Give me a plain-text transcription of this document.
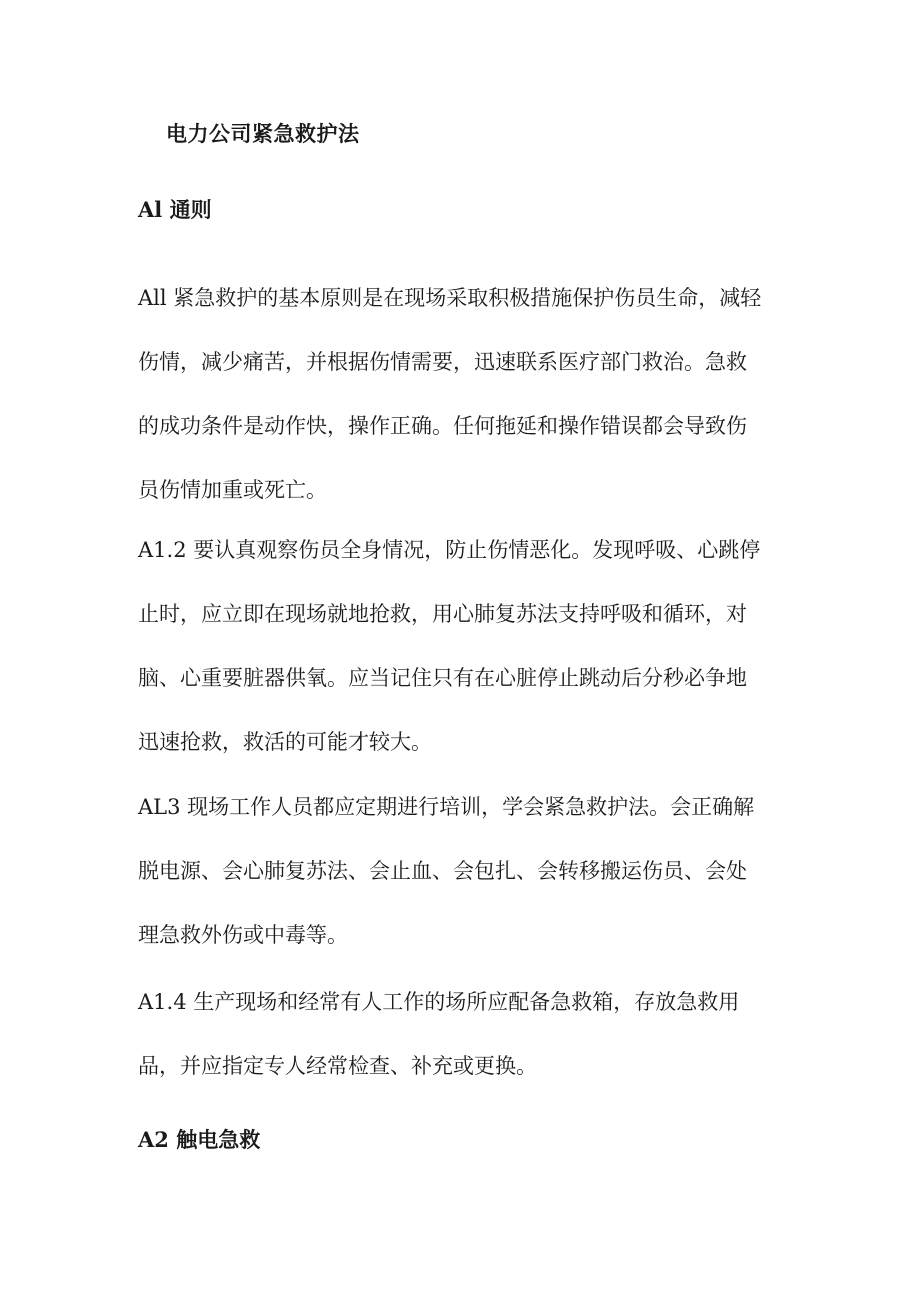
电力公司紧急救护法
Al 通则
All 紧急救护的基本原则是在现场采取积极措施保护伤员生命，减轻
伤情，减少痛苦，并根据伤情需要，迅速联系医疗部门救治。急救
的成功条件是动作快，操作正确。任何拖延和操作错误都会导致伤
员伤情加重或死亡。
A1.2 要认真观察伤员全身情况，防止伤情恶化。发现呼吸、心跳停
止时，应立即在现场就地抢救，用心肺复苏法支持呼吸和循环，对
脑、心重要脏器供氧。应当记住只有在心脏停止跳动后分秒必争地
迅速抢救，救活的可能才较大。
AL3 现场工作人员都应定期进行培训，学会紧急救护法。会正确解
脱电源、会心肺复苏法、会止血、会包扎、会转移搬运伤员、会处
理急救外伤或中毒等。
A1.4 生产现场和经常有人工作的场所应配备急救箱，存放急救用
品，并应指定专人经常检查、补充或更换。
A2 触电急救
